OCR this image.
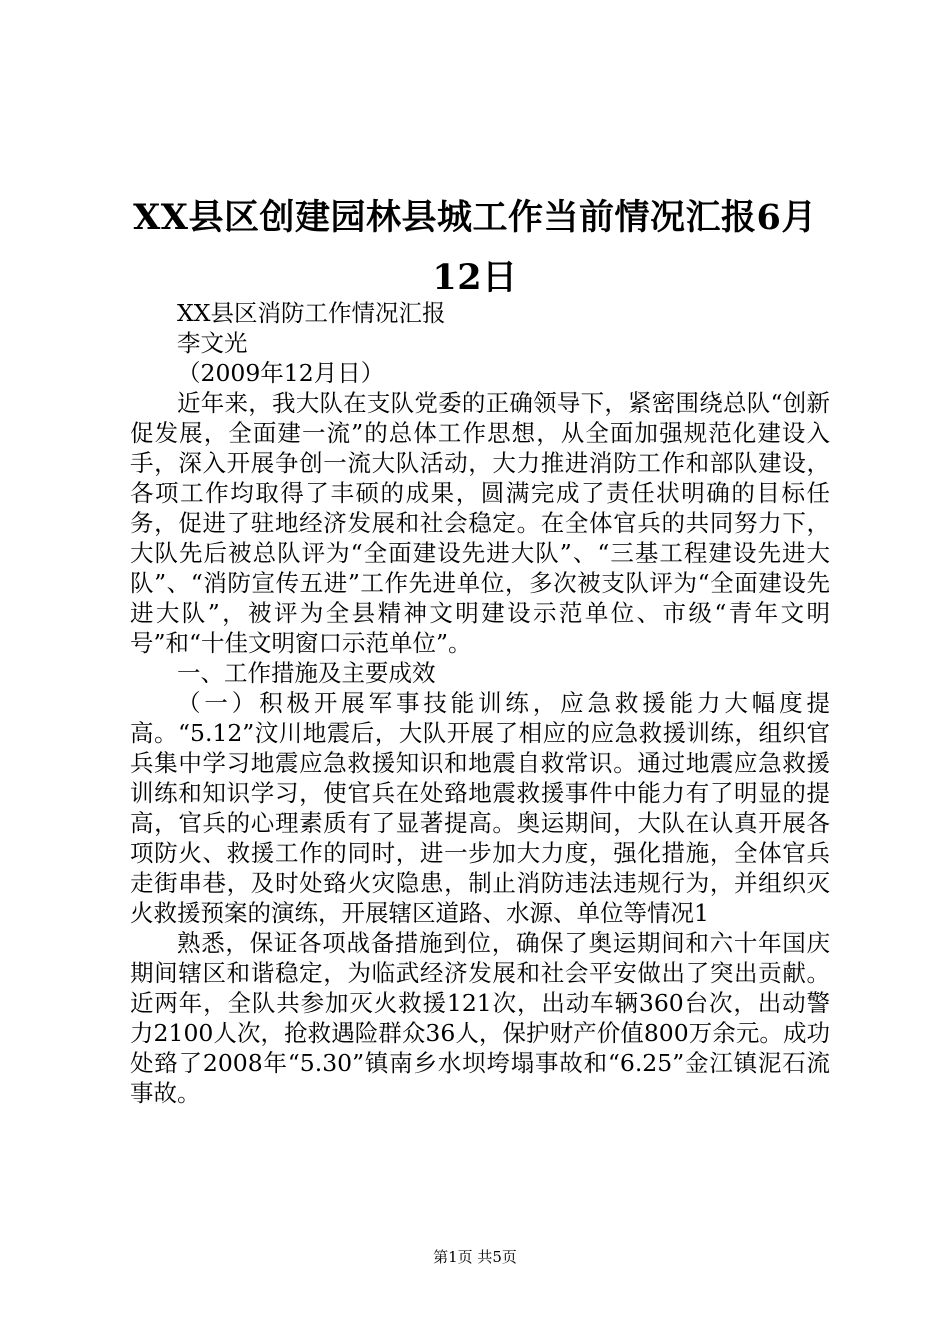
XX县区创建园林县城工作当前情况汇报6月12日

XX县区消防工作情况汇报

李文光

（2009年12月日）

近年来，我大队在支队党委的正确领导下，紧密围绕总队“创新促发展，全面建一流”的总体工作思想，从全面加强规范化建设入手，深入开展争创一流大队活动，大力推进消防工作和部队建设，各项工作均取得了丰硕的成果，圆满完成了责任状明确的目标任务，促进了驻地经济发展和社会稳定。在全体官兵的共同努力下，大队先后被总队评为“全面建设先进大队”、“三基工程建设先进大队”、“消防宣传五进”工作先进单位，多次被支队评为“全面建设先进大队”，被评为全县精神文明建设示范单位、市级“青年文明号”和“十佳文明窗口示范单位”。

一、工作措施及主要成效

（一）积极开展军事技能训练，应急救援能力大幅度提高。“5.12”汶川地震后，大队开展了相应的应急救援训练，组织官兵集中学习地震应急救援知识和地震自救常识。通过地震应急救援训练和知识学习，使官兵在处臵地震救援事件中能力有了明显的提高，官兵的心理素质有了显著提高。奥运期间，大队在认真开展各项防火、救援工作的同时，进一步加大力度，强化措施，全体官兵走街串巷，及时处臵火灾隐患，制止消防违法违规行为，并组织灭火救援预案的演练，开展辖区道路、水源、单位等情况1

熟悉，保证各项战备措施到位，确保了奥运期间和六十年国庆期间辖区和谐稳定，为临武经济发展和社会平安做出了突出贡献。近两年，全队共参加灭火救援121次，出动车辆360台次，出动警力2100人次，抢救遇险群众36人，保护财产价值800万余元。成功处臵了2008年“5.30”镇南乡水坝垮塌事故和“6.25”金江镇泥石流事故。

第1页 共5页
